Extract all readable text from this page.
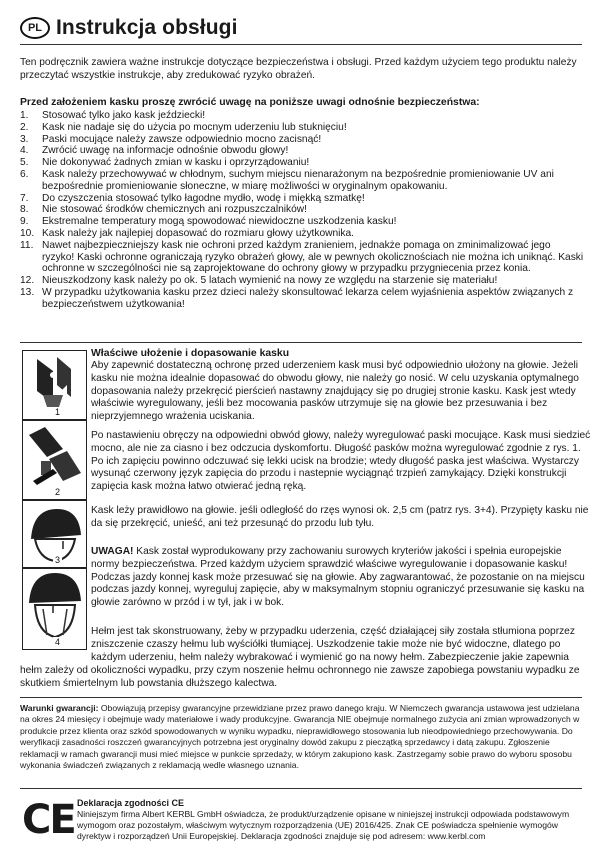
PL Instrukcja obsługi
Ten podręcznik zawiera ważne instrukcje dotyczące bezpieczeństwa i obsługi. Przed każdym użyciem tego produktu należy przeczytać wszystkie instrukcje, aby zredukować ryzyko obrażeń.
Przed założeniem kasku proszę zwrócić uwagę na poniższe uwagi odnośnie bezpieczeństwa:
1.	Stosować tylko jako kask jeździecki!
2.	Kask nie nadaje się do użycia po mocnym uderzeniu lub stuknięciu!
3.	Paski mocujące należy zawsze odpowiednio mocno zacisnąć!
4.	Zwrócić uwagę na informacje odnośnie obwodu głowy!
5.	Nie dokonywać żadnych zmian w kasku i oprzyrządowaniu!
6.	Kask należy przechowywać w chłodnym, suchym miejscu nienarażonym na bezpośrednie promieniowanie UV ani bezpośrednie promieniowanie słoneczne, w miarę możliwości w oryginalnym opakowaniu.
7.	Do czyszczenia stosować tylko łagodne mydło, wodę i miękką szmatkę!
8.	Nie stosować środków chemicznych ani rozpuszczalników!
9.	Ekstremalne temperatury mogą spowodować niewidoczne uszkodzenia kasku!
10. Kask należy jak najlepiej dopasować do rozmiaru głowy użytkownika.
11. Nawet najbezpieczniejszy kask nie ochroni przed każdym zranieniem, jednakże pomaga on zminimalizować jego ryzyko! Kaski ochronne ograniczają ryzyko obrażeń głowy, ale w pewnych okolicznościach nie można ich uniknąć. Kaski ochronne w szczególności nie są zaprojektowane do ochrony głowy w przypadku przygniecenia przez konia.
12. Nieuszkodzony kask należy po ok. 5 latach wymienić na nowy ze względu na starzenie się materiału!
13. W przypadku użytkowania kasku przez dzieci należy skonsultować lekarza celem wyjaśnienia aspektów związanych z bezpieczeństwem użytkowania!
1
2
3
4
Właściwe ułożenie i dopasowanie kasku
Aby zapewnić dostateczną ochronę przed uderzeniem kask musi być odpowiednio ułożony na głowie. Jeżeli kasku nie można idealnie dopasować do obwodu głowy, nie należy go nosić. W celu uzyskania optymalnego dopasowania należy przekręcić pierścień nastawny znajdujący się po drugiej stronie kasku. Kask jest wtedy właściwie wyregulowany, jeśli bez mocowania pasków utrzymuje się na głowie bez przesuwania i bez nieprzyjemnego wrażenia uciskania.
Po nastawieniu obręczy na odpowiedni obwód głowy, należy wyregulować paski mocujące. Kask musi siedzieć mocno, ale nie za ciasno i bez odczucia dyskomfortu. Długość pasków można wyregulować zgodnie z rys. 1. Po ich zapięciu powinno odczuwać się lekki ucisk na brodzie; wtedy długość paska jest właściwa. Wystarczy wysunąć czerwony język zapięcia do przodu i nastepnie wyciągnąć trzpień zamykający. Dzięki konstrukcji zapięcia kask można łatwo otwierać jedną ręką.
Kask leży prawidłowo na głowie. jeśli odległość do rzęs wynosi ok. 2,5 cm (patrz rys. 3+4). Przypięty kasku nie da się przekręcić, unieść, ani też przesunąć do przodu lub tyłu.
UWAGA! Kask został wyprodukowany przy zachowaniu surowych kryteriów jakości i spełnia europejskie normy bezpieczeństwa. Przed każdym użyciem sprawdzić właściwe wyregulowanie i dopasowanie kasku! Podczas jazdy konnej kask może przesuwać się na głowie. Aby zagwarantować, że pozostanie on na miejscu podczas jazdy konnej, wyreguluj zapięcie, aby w maksymalnym stopniu ograniczyć przesuwanie się kasku na głowie zarówno w przód i w tył, jak i w bok.
Hełm jest tak skonstruowany, żeby w przypadku uderzenia, część działającej siły została stłumiona poprzez zniszczenie czaszy hełmu lub wyściółki tłumiącej. Uszkodzenie takie może nie być widoczne, dlatego po każdym uderzeniu, hełm należy wybrakować i wymienić go na nowy hełm. Zabezpieczenie jakie zapewnia
hełm zależy od okoliczności wypadku, przy czym noszenie hełmu ochronnego nie zawsze zapobiega powstaniu wypadku ze skutkiem śmiertelnym lub powstania dłuższego kalectwa.
Warunki gwarancji: Obowiązują przepisy gwarancyjne przewidziane przez prawo danego kraju. W Niemczech gwarancja ustawowa jest udzielana na okres 24 miesięcy i obejmuje wady materiałowe i wady produkcyjne. Gwarancja NIE obejmuje normalnego zużycia ani zmian wprowadzonych w produkcie przez klienta oraz szkód spowodowanych w wyniku wypadku, nieprawidłowego stosowania lub nieodpowiedniego przechowywania. Do weryfikacji zasadności roszczeń gwarancyjnych potrzebna jest oryginalny dowód zakupu z pieczątką sprzedawcy i datą zakupu. Zgłoszenie reklamacji w ramach gwarancji musi mieć miejsce w punkcie sprzedaży, w którym zakupiono kask. Zastrzegamy sobie prawo do wyboru sposobu wykonania świadczeń związanych z reklamacją wedle własnego uznania.
CE Deklaracja zgodności CE
Niniejszym firma Albert KERBL GmbH oświadcza, że produkt/urządzenie opisane w niniejszej instrukcji odpowiada podstawowym wymogom oraz pozostałym, właściwym wytycznym rozporządzenia (UE) 2016/425. Znak CE poświadcza spełnienie wymogów dyrektyw i rozporządzeń Unii Europejskiej. Deklaracja zgodności znajduje się pod adresem: www.kerbl.com
